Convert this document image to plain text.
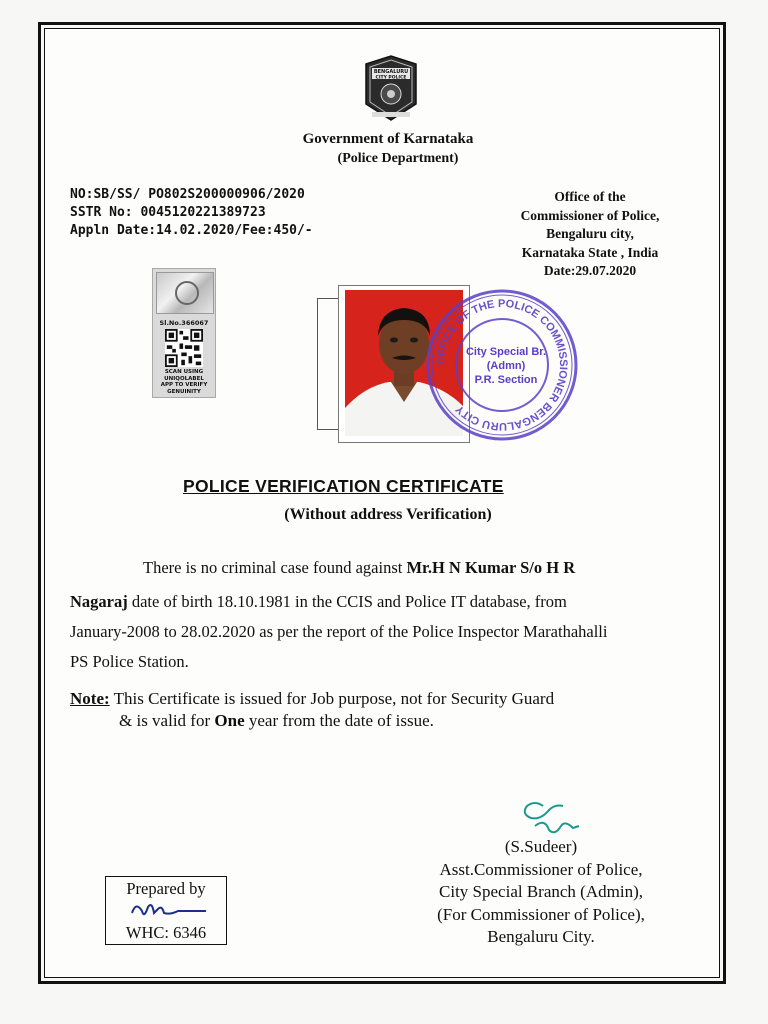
BENGALURU
CITY POLICE
Government of Karnataka
(Police Department)
NO:SB/SS/ PO802S200000906/2020
SSTR No: 0045120221389723
Appln Date:14.02.2020/Fee:450/-
Office of the
Commissioner of Police,
Bengaluru city,
Karnataka State , India
Date:29.07.2020
Sl.No.366067
SCAN USING
UNIQOLABEL
APP TO VERIFY
GENUINITY
OFFICE OF THE POLICE COMMISSIONER BENGALURU CITY
City Special Br.
(Admn)
P.R. Section
POLICE VERIFICATION CERTIFICATE
(Without address Verification)
There is no criminal case found against Mr.H N Kumar S/o H R
Nagaraj date of birth 18.10.1981 in the CCIS and Police IT database, from
January-2008 to 28.02.2020 as per the report of the Police Inspector Marathahalli
PS Police Station.
Note: This Certificate is issued for Job purpose, not for Security Guard
& is valid for One year from the date of issue.
(S.Sudeer)
Asst.Commissioner of Police,
City Special Branch (Admin),
(For Commissioner of Police),
Bengaluru City.
Prepared by
WHC: 6346
